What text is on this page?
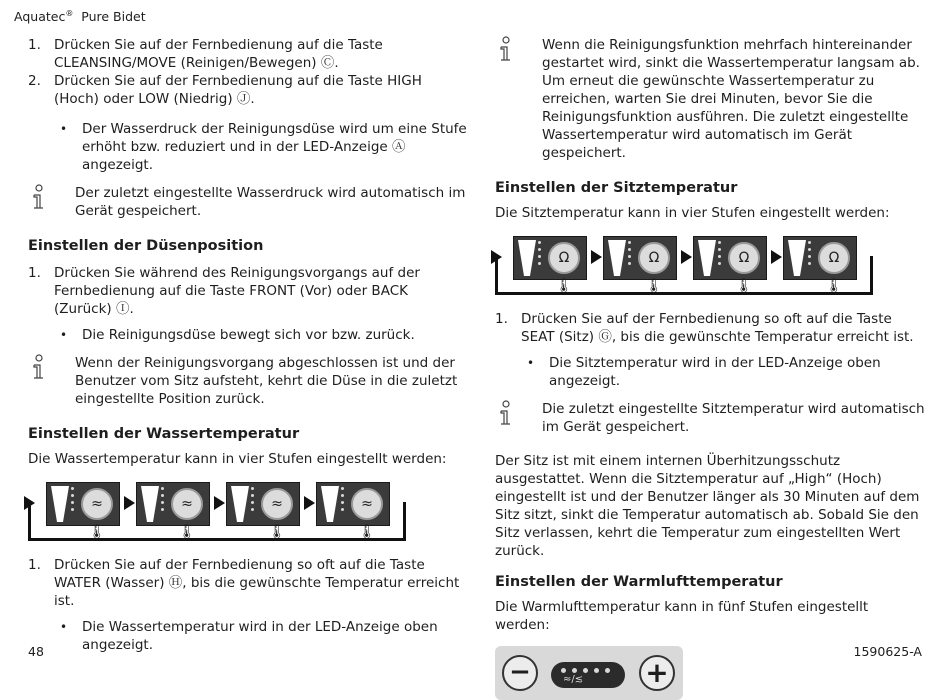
Aquatec® Pure Bidet
1. Drücken Sie auf der Fernbedienung auf die Taste CLEANSING/MOVE (Reinigen/Bewegen) Ⓒ.
2. Drücken Sie auf der Fernbedienung auf die Taste HIGH (Hoch) oder LOW (Niedrig) Ⓙ.
•	Der Wasserdruck der Reinigungsdüse wird um eine Stufe erhöht bzw. reduziert und in der LED-Anzeige Ⓐ angezeigt.
Der zuletzt eingestellte Wasserdruck wird automatisch im Gerät gespeichert.
Einstellen der Düsenposition
1. Drücken Sie während des Reinigungsvorgangs auf der Fernbedienung auf die Taste FRONT (Vor) oder BACK (Zurück) Ⓘ.
•	Die Reinigungsdüse bewegt sich vor bzw. zurück.
Wenn der Reinigungsvorgang abgeschlossen ist und der Benutzer vom Sitz aufsteht, kehrt die Düse in die zuletzt eingestellte Position zurück.
Einstellen der Wassertemperatur

Die Wassertemperatur kann in vier Stufen eingestellt werden:

≈🌡
≈🌡
≈🌡
≈🌡
1. Drücken Sie auf der Fernbedienung so oft auf die Taste WATER (Wasser) Ⓗ, bis die gewünschte Temperatur erreicht ist.
•	Die Wassertemperatur wird in der LED-Anzeige oben angezeigt.
Wenn die Reinigungsfunktion mehrfach hintereinander gestartet wird, sinkt die Wassertemperatur langsam ab. Um erneut die gewünschte Wassertemperatur zu erreichen, warten Sie drei Minuten, bevor Sie die Reinigungsfunktion ausführen. Die zuletzt eingestellte Wassertemperatur wird automatisch im Gerät gespeichert.
Einstellen der Sitztemperatur

Die Sitztemperatur kann in vier Stufen eingestellt werden:

Ω🌡
Ω🌡
Ω🌡
Ω🌡
1. Drücken Sie auf der Fernbedienung so oft auf die Taste SEAT (Sitz) Ⓖ, bis die gewünschte Temperatur erreicht ist.
•	Die Sitztemperatur wird in der LED-Anzeige oben angezeigt.
Die zuletzt eingestellte Sitztemperatur wird automatisch im Gerät gespeichert.

Der Sitz ist mit einem internen Überhitzungsschutz ausgestattet. Wenn die Sitztemperatur auf „High“ (Hoch) eingestellt ist und der Benutzer länger als 30 Minuten auf dem Sitz sitzt, sinkt die Temperatur automatisch ab. Sobald Sie den Sitz verlassen, kehrt die Temperatur zum eingestellten Wert zurück.

Einstellen der Warmlufttemperatur

Die Warmlufttemperatur kann in fünf Stufen eingestellt werden:

−	≈/≲ +
48	1590625-A
